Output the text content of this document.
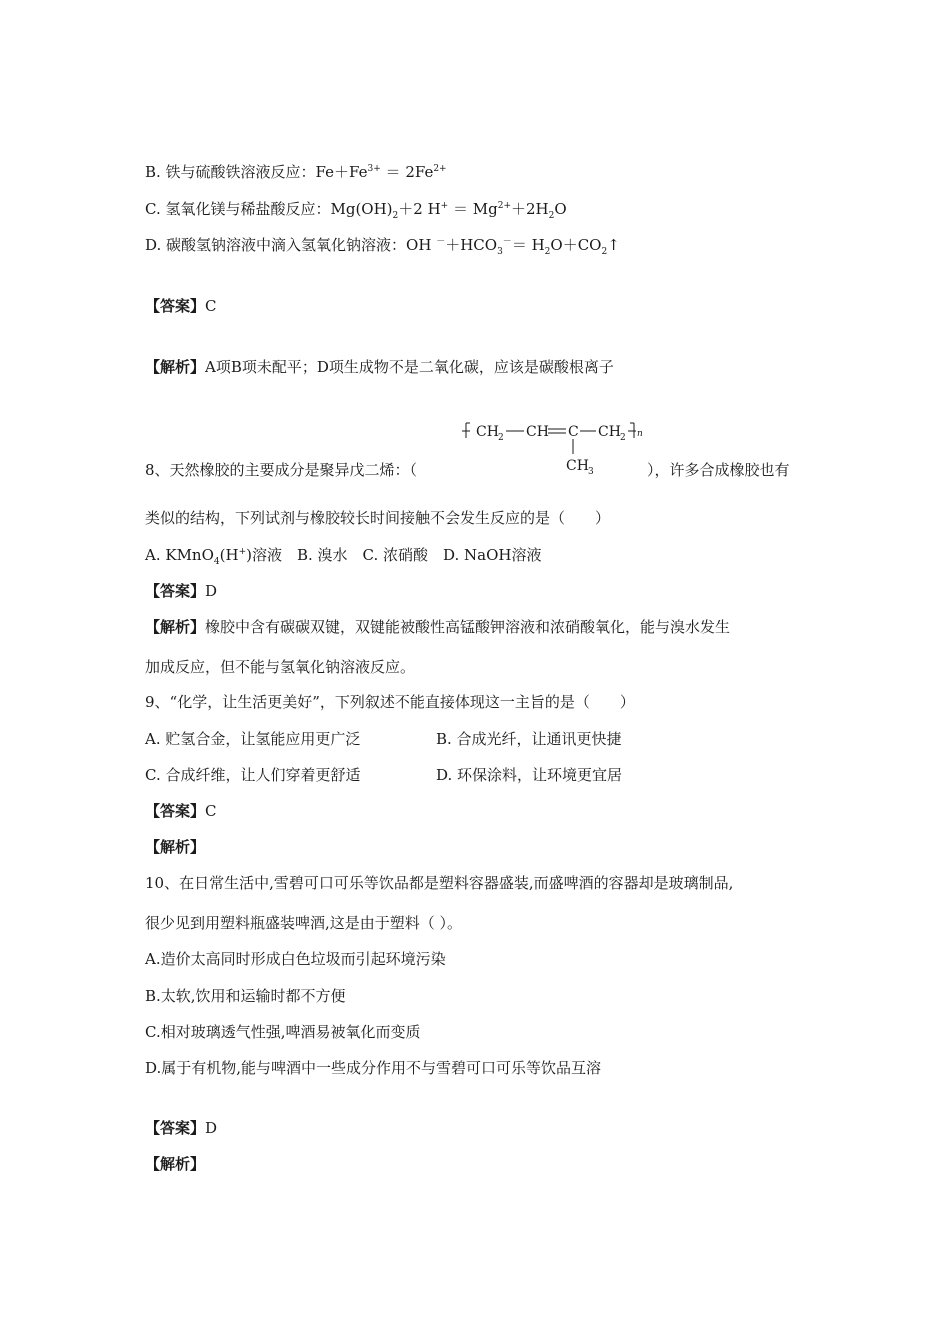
B. 铁与硫酸铁溶液反应：$Fe+Fe^{3+} = 2Fe^{2+}$
C. 氢氧化镁与稀盐酸反应：$Mg(OH)_2+2$ $H^+ = Mg^{2+}+2H_2O$
D. 碳酸氢钠溶液中滴入氢氧化钠溶液：OH $^-+HCO_3^-=$ $H_2O+CO_2↑$
【答案】C
【解析】A项B项未配平；D项生成物不是二氧化碳，应该是碳酸根离子
CH 2 CH C CH 2 n
CH 3
8、天然橡胶的主要成分是聚异戊二烯：（	），许多合成橡胶也有
类似的结构，下列试剂与橡胶较长时间接触不会发生反应的是（　　）
A. KMnO$_4$(H+)溶液　B. 溴水　C. 浓硝酸　D. NaOH溶液
【答案】D
【解析】橡胶中含有碳碳双键，双键能被酸性高锰酸钾溶液和浓硝酸氧化，能与溴水发生
加成反应，但不能与氢氧化钠溶液反应。
9、“化学，让生活更美好”，下列叙述不能直接体现这一主旨的是（　　）
A. 贮氢合金，让氢能应用更广泛	B. 合成光纤，让通讯更快捷
C. 合成纤维，让人们穿着更舒适	D. 环保涂料，让环境更宜居
【答案】C
【解析】
10、在日常生活中,雪碧可口可乐等饮品都是塑料容器盛装,而盛啤酒的容器却是玻璃制品,
很少见到用塑料瓶盛装啤酒,这是由于塑料（ ）。
A.造价太高同时形成白色垃圾而引起环境污染
B.太软,饮用和运输时都不方便
C.相对玻璃透气性强,啤酒易被氧化而变质
D.属于有机物,能与啤酒中一些成分作用不与雪碧可口可乐等饮品互溶
【答案】D
【解析】
